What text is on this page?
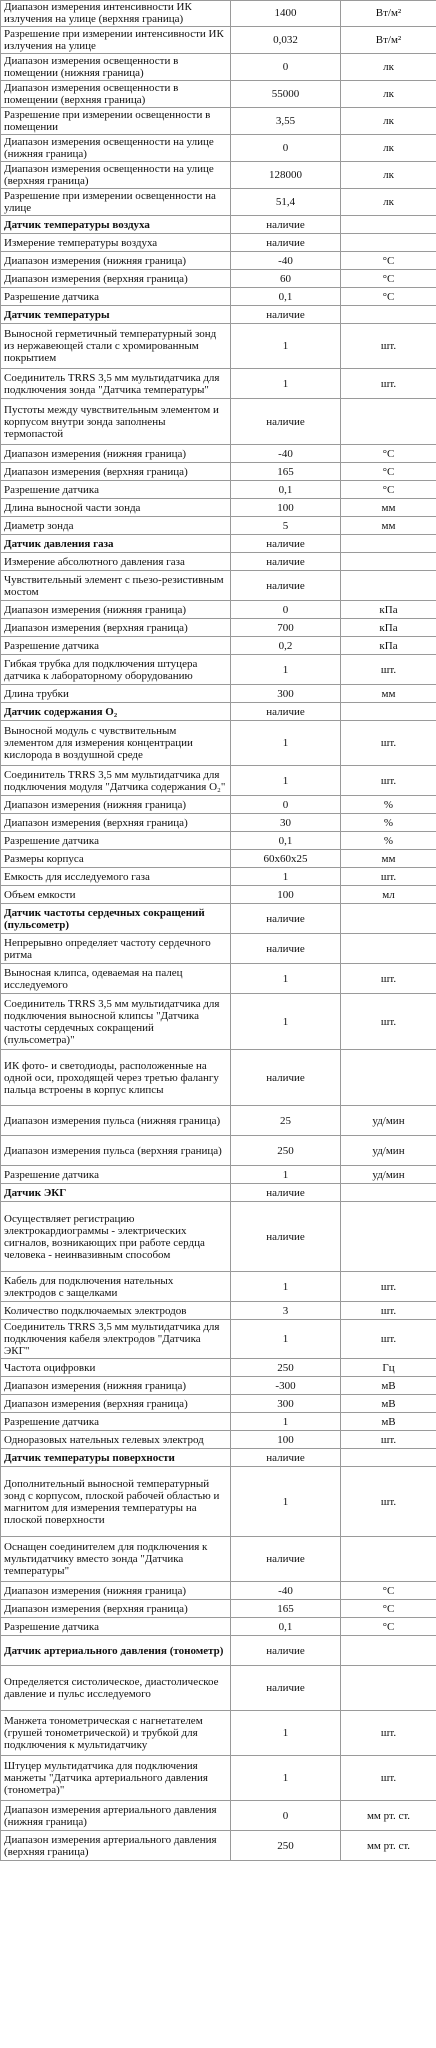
Диапазон измерения интенсивности ИК излучения на улице (верхняя граница)	1400	Вт/м²
Разрешение при измерении интенсивности ИК излучения на улице	0,032	Вт/м²
Диапазон измерения освещенности в помещении (нижняя граница)	0	лк
Диапазон измерения освещенности в помещении (верхняя граница)	55000	лк
Разрешение при измерении освещенности в помещении	3,55	лк
Диапазон измерения освещенности на улице (нижняя граница)	0	лк
Диапазон измерения освещенности на улице (верхняя граница)	128000	лк
Разрешение при измерении освещенности на улице	51,4	лк
Датчик температуры воздуха	наличие	
Измерение температуры воздуха	наличие	
Диапазон измерения (нижняя граница)	-40	°C
Диапазон измерения (верхняя граница)	60	°C
Разрешение датчика	0,1	°C
Датчик температуры	наличие	
Выносной герметичный температурный зонд из нержавеющей стали с хромированным покрытием	1	шт.
Соединитель TRRS 3,5 мм мультидатчика для подключения зонда "Датчика температуры"	1	шт.
Пустоты между чувствительным элементом и корпусом внутри зонда заполнены термопастой	наличие	
Диапазон измерения (нижняя граница)	-40	°C
Диапазон измерения (верхняя граница)	165	°C
Разрешение датчика	0,1	°C
Длина выносной части зонда	100	мм
Диаметр зонда	5	мм
Датчик давления газа	наличие	
Измерение абсолютного давления газа	наличие	
Чувствительный элемент с пьезо-резистивным мостом	наличие	
Диапазон измерения (нижняя граница)	0	кПа
Диапазон измерения (верхняя граница)	700	кПа
Разрешение датчика	0,2	кПа
Гибкая трубка для подключения штуцера датчика к лабораторному оборудованию	1	шт.
Длина трубки	300	мм
Датчик содержания O₂	наличие	
Выносной модуль с чувствительным элементом для измерения концентрации кислорода в воздушной среде	1	шт.
Соединитель TRRS 3,5 мм мультидатчика для подключения модуля "Датчика содержания O₂"	1	шт.
Диапазон измерения (нижняя граница)	0	%
Диапазон измерения (верхняя граница)	30	%
Разрешение датчика	0,1	%
Размеры корпуса	60x60x25	мм
Емкость для исследуемого газа	1	шт.
Объем емкости	100	мл
Датчик частоты сердечных сокращений (пульсометр)	наличие	
Непрерывно определяет частоту сердечного ритма	наличие	
Выносная клипса, одеваемая на палец исследуемого	1	шт.
Соединитель TRRS 3,5 мм мультидатчика для подключения выносной клипсы "Датчика частоты сердечных сокращений (пульсометра)"	1	шт.
ИК фото- и светодиоды, расположенные на одной оси, проходящей через третью фалангу пальца встроены в корпус клипсы	наличие	
Диапазон измерения пульса (нижняя граница)	25	уд/мин
Диапазон измерения пульса (верхняя граница)	250	уд/мин
Разрешение датчика	1	уд/мин
Датчик ЭКГ	наличие	
Осуществляет регистрацию электрокардиограммы - электрических сигналов, возникающих при работе сердца человека - неинвазивным способом	наличие	
Кабель для подключения нательных электродов с защелками	1	шт.
Количество подключаемых электродов	3	шт.
Соединитель TRRS 3,5 мм мультидатчика для подключения кабеля электродов "Датчика ЭКГ"	1	шт.
Частота оцифровки	250	Гц
Диапазон измерения (нижняя граница)	-300	мВ
Диапазон измерения (верхняя граница)	300	мВ
Разрешение датчика	1	мВ
Одноразовых нательных гелевых электрод	100	шт.
Датчик температуры поверхности	наличие	
Дополнительный выносной температурный зонд с корпусом, плоской рабочей областью и магнитом для измерения температуры на плоской поверхности	1	шт.
Оснащен соединителем для подключения к мультидатчику вместо зонда "Датчика температуры"	наличие	
Диапазон измерения (нижняя граница)	-40	°C
Диапазон измерения (верхняя граница)	165	°C
Разрешение датчика	0,1	°C
Датчик артериального давления (тонометр)	наличие	
Определяется систолическое, диастолическое давление и пульс исследуемого	наличие	
Манжета тонометрическая с нагнетателем (грушей тонометрической) и трубкой для подключения к мультидатчику	1	шт.
Штуцер мультидатчика для подключения манжеты "Датчика артериального давления (тонометра)"	1	шт.
Диапазон измерения артериального давления (нижняя граница)	0	мм рт. ст.
Диапазон измерения артериального давления (верхняя граница)	250	мм рт. ст.
